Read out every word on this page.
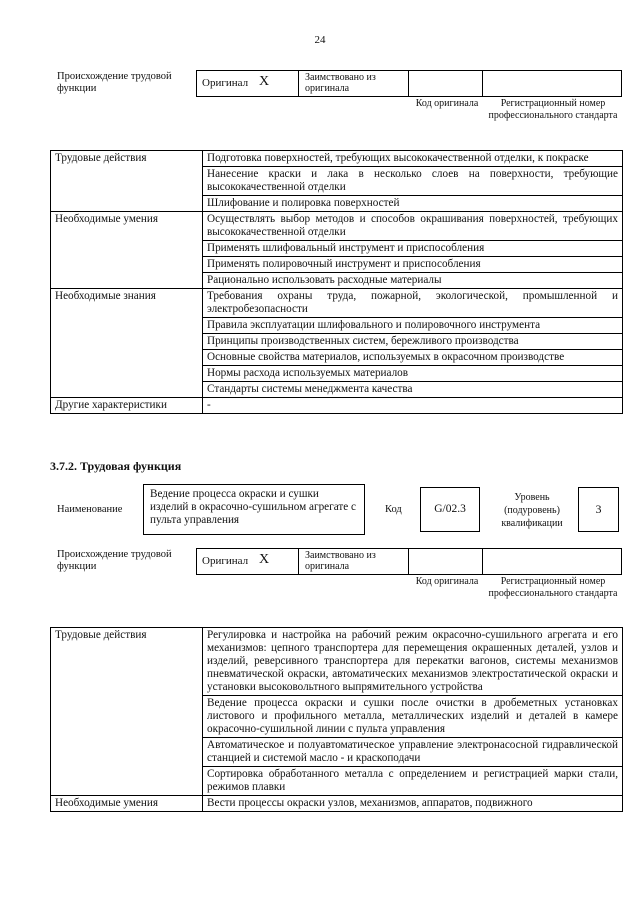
24
Происхождение трудовой функции	Оригинал X	Заимствовано из оригинала
Код оригинала	Регистрационный номер профессионального стандарта
Трудовые действия	Подготовка поверхностей, требующих высококачественной отделки, к покраске
	Нанесение краски и лака в несколько слоев на поверхности, требующие высококачественной отделки
	Шлифование и полировка поверхностей
Необходимые умения	Осуществлять выбор методов и способов окрашивания поверхностей, требующих высококачественной отделки
	Применять шлифовальный инструмент и приспособления
	Применять полировочный инструмент и приспособления
	Рационально использовать расходные материалы
Необходимые знания	Требования охраны труда, пожарной, экологической, промышленной и электробезопасности
	Правила эксплуатации шлифовального и полировочного инструмента
	Принципы производственных систем, бережливого производства
	Основные свойства материалов, используемых в окрасочном производстве
	Нормы расхода используемых материалов
	Стандарты системы менеджмента качества
Другие характеристики	-
3.7.2. Трудовая функция
Наименование
Ведение процесса окраски и сушки изделий в окрасочно-сушильном агрегате с пульта управления
Код	G/02.3
Уровень (подуровень) квалификации
3
Происхождение трудовой функции	Оригинал X	Заимствовано из оригинала
Код оригинала	Регистрационный номер профессионального стандарта
Трудовые действия	Регулировка и настройка на рабочий режим окрасочно-сушильного агрегата и его механизмов: цепного транспортера для перемещения окрашенных деталей, узлов и изделий, реверсивного транспортера для перекатки вагонов, системы механизмов пневматической окраски, автоматических механизмов электростатической окраски и установки высоковольтного выпрямительного устройства
	Ведение процесса окраски и сушки после очистки в дробеметных установках листового и профильного металла, металлических изделий и деталей в камере окрасочно-сушильной линии с пульта управления
	Автоматическое и полуавтоматическое управление электронасосной гидравлической станцией и системой масло - и краскоподачи
	Сортировка обработанного металла с определением и регистрацией марки стали, режимов плавки
Необходимые умения	Вести процессы окраски узлов, механизмов, аппаратов, подвижного
